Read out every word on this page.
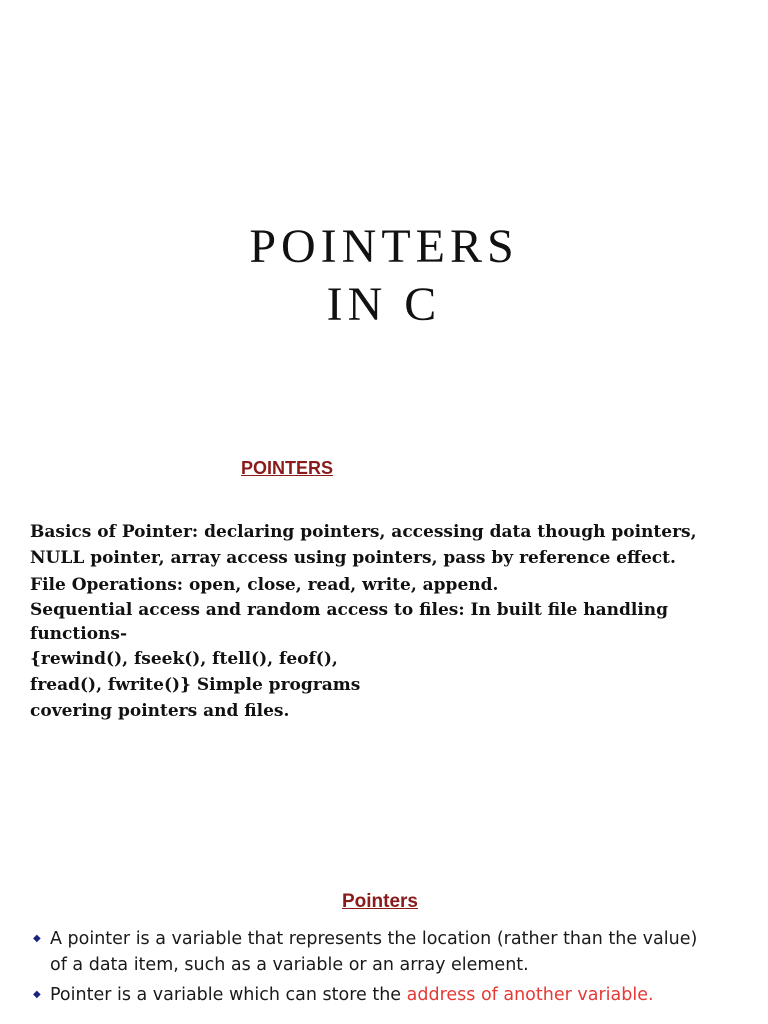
POINTERS
IN C
POINTERS

Basics of Pointer: declaring pointers, accessing data though pointers, NULL pointer, array access using pointers, pass by reference effect.

File Operations: open, close, read, write, append.

Sequential access and random access to files: In built file handling functions-

{rewind(), fseek(), ftell(), feof(),

fread(), fwrite()} Simple programs

covering pointers and files.

Pointers
◆ A pointer is a variable that represents the location (rather than the value) of a data item, such as a variable or an array element.
◆ Pointer is a variable which can store the address of another variable.
